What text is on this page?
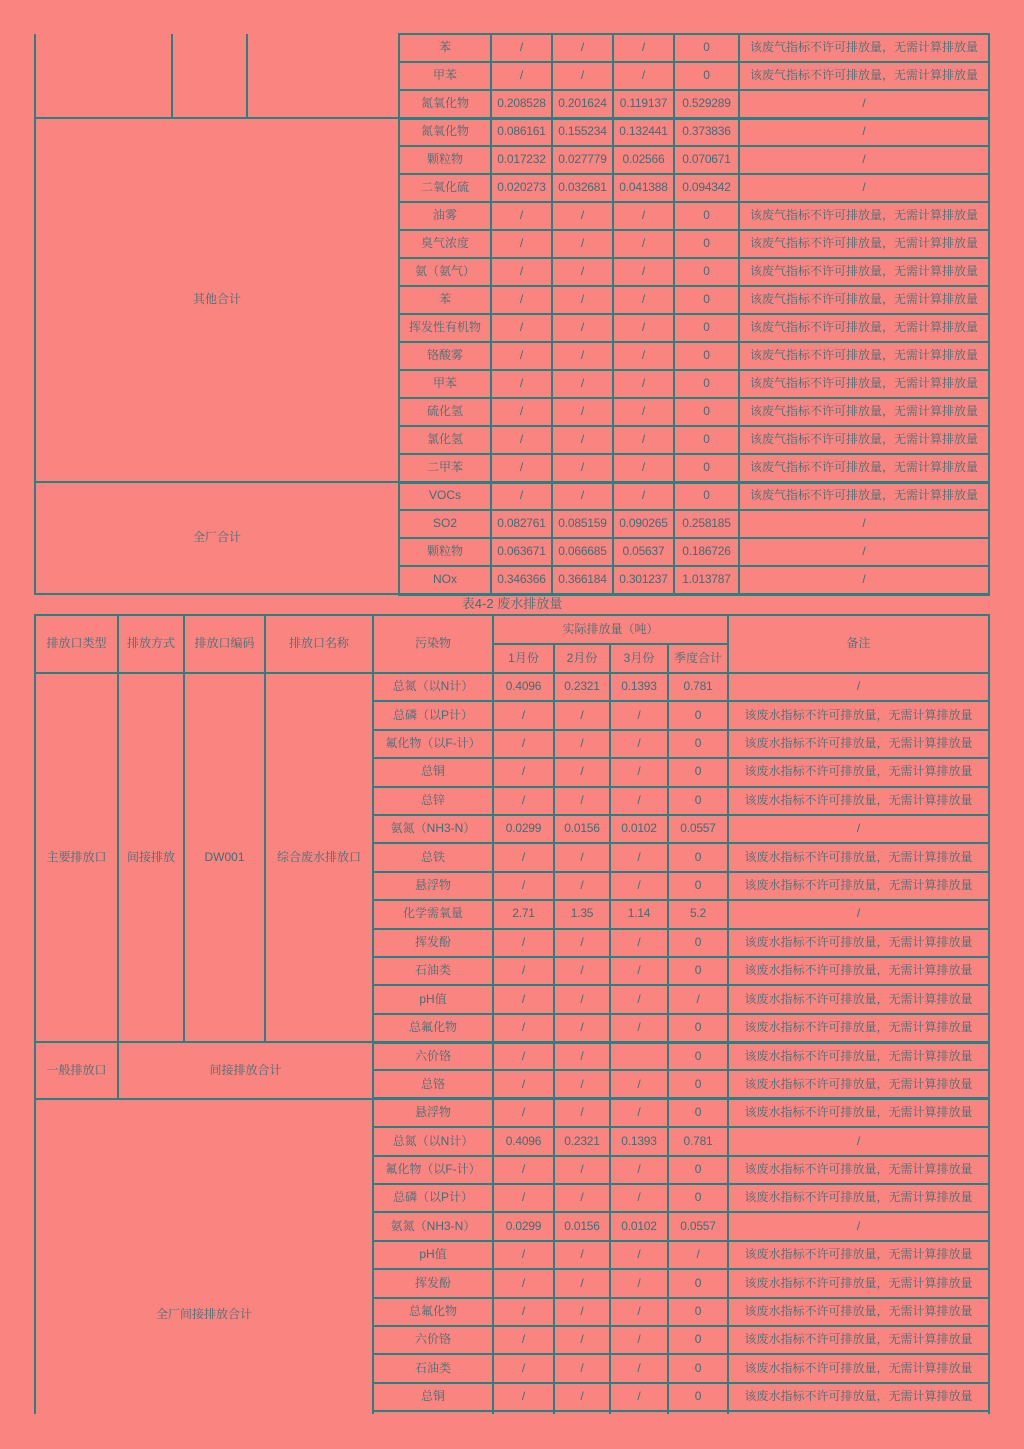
			苯	/	/	/	0	该废气指标不许可排放量，无需计算排放量
			甲苯	/	/	/	0	该废气指标不许可排放量，无需计算排放量
			氮氧化物	0.208528	0.201624	0.119137	0.529289	/
其他合计			氮氧化物	0.086161	0.155234	0.132441	0.373836	/
			颗粒物	0.017232	0.027779	0.02566	0.070671	/
			二氧化硫	0.020273	0.032681	0.041388	0.094342	/
			油雾	/	/	/	0	该废气指标不许可排放量，无需计算排放量
			臭气浓度	/	/	/	0	该废气指标不许可排放量，无需计算排放量
			氨（氨气）	/	/	/	0	该废气指标不许可排放量，无需计算排放量
			苯	/	/	/	0	该废气指标不许可排放量，无需计算排放量
			挥发性有机物	/	/	/	0	该废气指标不许可排放量，无需计算排放量
			铬酸雾	/	/	/	0	该废气指标不许可排放量，无需计算排放量
			甲苯	/	/	/	0	该废气指标不许可排放量，无需计算排放量
			硫化氢	/	/	/	0	该废气指标不许可排放量，无需计算排放量
			氯化氢	/	/	/	0	该废气指标不许可排放量，无需计算排放量
			二甲苯	/	/	/	0	该废气指标不许可排放量，无需计算排放量
全厂合计			VOCs	/	/	/	0	该废气指标不许可排放量，无需计算排放量
			SO2	0.082761	0.085159	0.090265	0.258185	/
			颗粒物	0.063671	0.066685	0.05637	0.186726	/
			NOx	0.346366	0.366184	0.301237	1.013787	/
表4-2 废水排放量
排放口类型	排放方式	排放口编码	排放口名称	污染物	实际排放量（吨）				备注
					1月份	2月份	3月份	季度合计	
主要排放口	间接排放	DW001	综合废水排放口	总氮（以N计）	0.4096	0.2321	0.1393	0.781	/
				总磷（以P计）	/	/	/	0	该废水指标不许可排放量，无需计算排放量
				氟化物（以F-计）	/	/	/	0	该废水指标不许可排放量，无需计算排放量
				总铜	/	/	/	0	该废水指标不许可排放量，无需计算排放量
				总锌	/	/	/	0	该废水指标不许可排放量，无需计算排放量
				氨氮（NH3-N）	0.0299	0.0156	0.0102	0.0557	/
				总铁	/	/	/	0	该废水指标不许可排放量，无需计算排放量
				悬浮物	/	/	/	0	该废水指标不许可排放量，无需计算排放量
				化学需氧量	2.71	1.35	1.14	5.2	/
				挥发酚	/	/	/	0	该废水指标不许可排放量，无需计算排放量
				石油类	/	/	/	0	该废水指标不许可排放量，无需计算排放量
				pH值	/	/	/	/	该废水指标不许可排放量，无需计算排放量
				总氟化物	/	/	/	0	该废水指标不许可排放量，无需计算排放量
一般排放口	间接排放合计			六价铬	/	/		0	该废水指标不许可排放量，无需计算排放量
				总铬	/	/	/	0	该废水指标不许可排放量，无需计算排放量
全厂间接排放合计				悬浮物	/	/	/	0	该废水指标不许可排放量，无需计算排放量
				总氮（以N计）	0.4096	0.2321	0.1393	0.781	/
				氟化物（以F-计）	/	/	/	0	该废水指标不许可排放量，无需计算排放量
				总磷（以P计）	/	/	/	0	该废水指标不许可排放量，无需计算排放量
				氨氮（NH3-N）	0.0299	0.0156	0.0102	0.0557	/
				pH值	/	/	/	/	该废水指标不许可排放量，无需计算排放量
				挥发酚	/	/	/	0	该废水指标不许可排放量，无需计算排放量
				总氟化物	/	/	/	0	该废水指标不许可排放量，无需计算排放量
				六价铬	/	/	/	0	该废水指标不许可排放量，无需计算排放量
				石油类	/	/	/	0	该废水指标不许可排放量，无需计算排放量
				总铜	/	/	/	0	该废水指标不许可排放量，无需计算排放量
